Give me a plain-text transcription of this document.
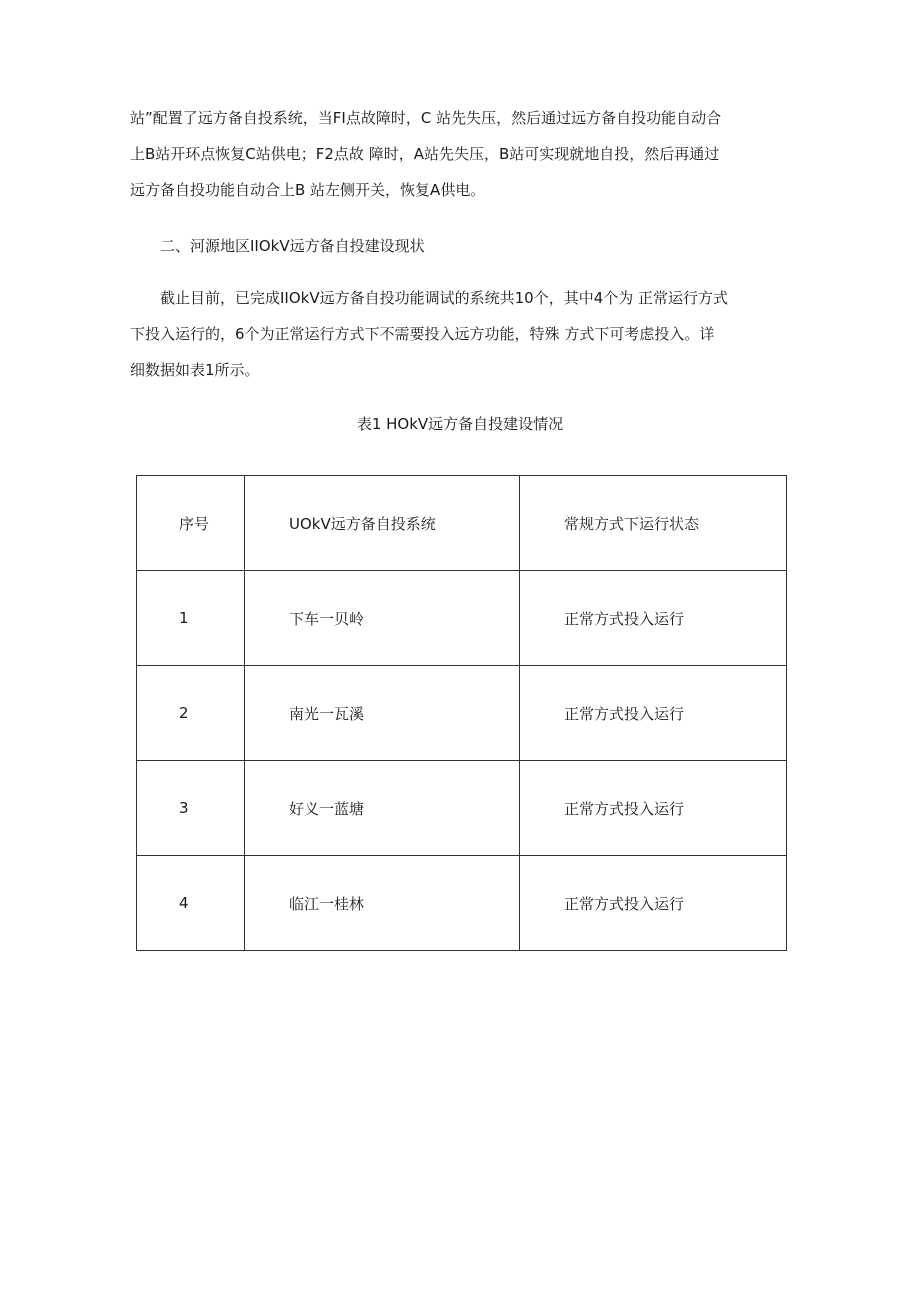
站”配置了远方备自投系统，当FI点故障时，C 站先失压，然后通过远方备自投功能自动合
上B站开环点恢复C站供电；F2点故 障时，A站先失压，B站可实现就地自投，然后再通过
远方备自投功能自动合上B 站左侧开关，恢复A供电。
二、河源地区IIOkV远方备自投建设现状
截止目前，已完成IIOkV远方备自投功能调试的系统共10个，其中4个为 正常运行方式
下投入运行的，6个为正常运行方式下不需要投入远方功能，特殊 方式下可考虑投入。详
细数据如表1所示。
表1 HOkV远方备自投建设情况
序号	UOkV远方备自投系统	常规方式下运行状态
1	下车一贝岭	正常方式投入运行
2	南光一瓦溪	正常方式投入运行
3	好义一蓝塘	正常方式投入运行
4	临江一桂林	正常方式投入运行
